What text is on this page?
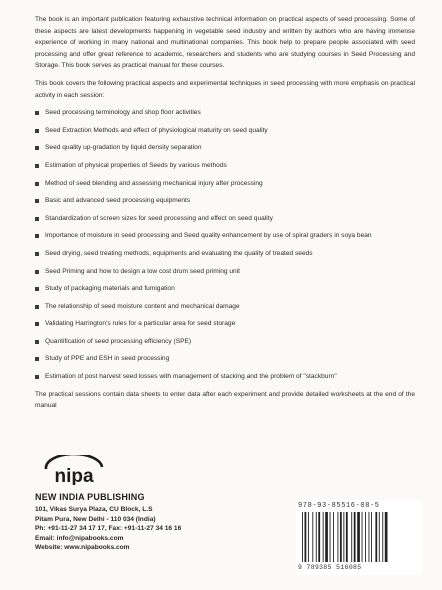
The book is an important publication featuring exhaustive technical information on practical aspects of seed processing. Some of these aspects are latest developments happening in vegetable seed industry and written by authors who are having immense experience of working in many national and multinational companies. This book help to prepare people associated with seed processing and offer great reference to academic, researchers and students who are studying courses in Seed Processing and Storage. This book serves as practical manual for these courses.

This book covers the following practical aspects and experimental techniques in seed processing with more emphasis on practical activity in each session:

Seed processing terminology and shop floor activities
Seed Extraction Methods and effect of physiological maturity on seed quality
Seed quality up-gradation by liquid density separation
Estimation of physical properties of Seeds by various methods
Method of seed blending and assessing mechanical injury after processing
Basic and advanced seed processing equipments
Standardization of screen sizes for seed processing and effect on seed quality
Importance of moisture in seed processing and Seed quality enhancement by use of spiral graders in soya bean
Seed drying, seed treating methods, equipments and evaluating the quality of treated seeds
Seed Priming and how to design a low cost drum seed priming unit
Study of packaging materials and fumigation
The relationship of seed moisture content and mechanical damage
Validating Harrington's rules for a particular area for seed storage
Quantification of seed processing efficiency (SPE)
Study of PPE and ESH in seed processing
Estimation of post harvest seed losses with management of stacking and the problem of "stackburn"

The practical sessions contain data sheets to enter data after each experiment and provide detailed worksheets at the end of the manual

nipa
NEW INDIA PUBLISHING
101, Vikas Surya Plaza, CU Block, L.S
Pitam Pura, New Delhi - 110 034 (India)
Ph: +91-11-27 34 17 17, Fax: +91-11-27 34 16 16
Email: info@nipabooks.com
Website: www.nipabooks.com
978-93-85516-08-5
9 789385 516085
